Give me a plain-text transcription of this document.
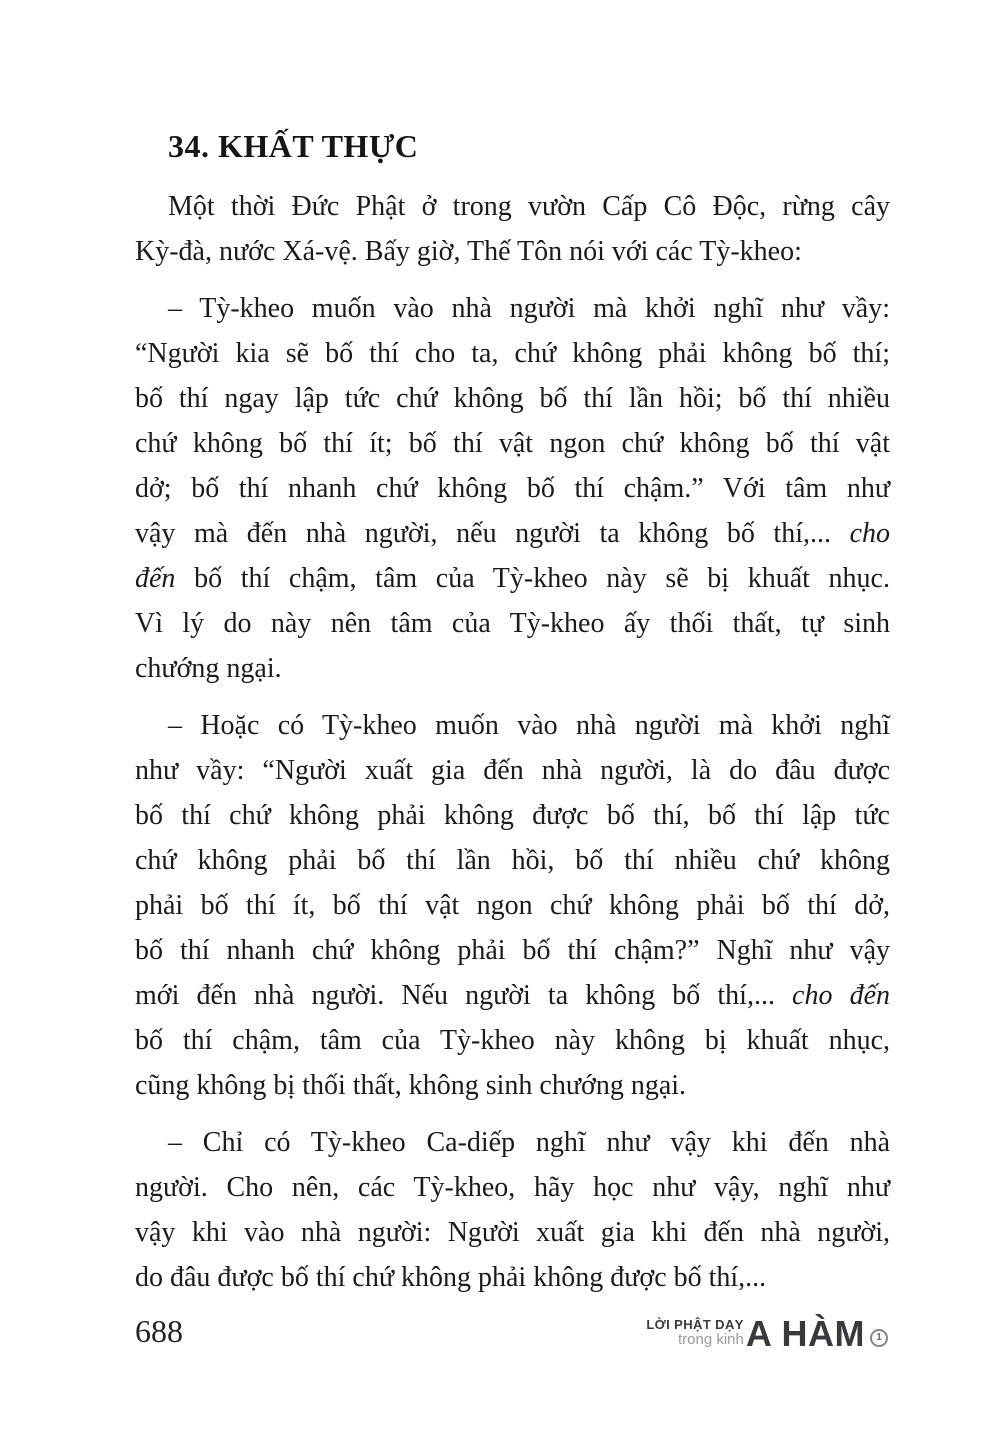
34. KHẤT THỰC

Một thời Đức Phật ở trong vườn Cấp Cô Độc, rừng cây
Kỳ-đà, nước Xá-vệ. Bấy giờ, Thế Tôn nói với các Tỳ-kheo:

– Tỳ-kheo muốn vào nhà người mà khởi nghĩ như vầy:
“Người kia sẽ bố thí cho ta, chứ không phải không bố thí;
bố thí ngay lập tức chứ không bố thí lần hồi; bố thí nhiều
chứ không bố thí ít; bố thí vật ngon chứ không bố thí vật
dở; bố thí nhanh chứ không bố thí chậm.” Với tâm như
vậy mà đến nhà người, nếu người ta không bố thí,... cho
đến bố thí chậm, tâm của Tỳ-kheo này sẽ bị khuất nhục.
Vì lý do này nên tâm của Tỳ-kheo ấy thối thất, tự sinh
chướng ngại.

– Hoặc có Tỳ-kheo muốn vào nhà người mà khởi nghĩ
như vầy: “Người xuất gia đến nhà người, là do đâu được
bố thí chứ không phải không được bố thí, bố thí lập tức
chứ không phải bố thí lần hồi, bố thí nhiều chứ không
phải bố thí ít, bố thí vật ngon chứ không phải bố thí dở,
bố thí nhanh chứ không phải bố thí chậm?” Nghĩ như vậy
mới đến nhà người. Nếu người ta không bố thí,... cho đến
bố thí chậm, tâm của Tỳ-kheo này không bị khuất nhục,
cũng không bị thối thất, không sinh chướng ngại.

– Chỉ có Tỳ-kheo Ca-diếp nghĩ như vậy khi đến nhà
người. Cho nên, các Tỳ-kheo, hãy học như vậy, nghĩ như
vậy khi vào nhà người: Người xuất gia khi đến nhà người,
do đâu được bố thí chứ không phải không được bố thí,...

688	LỜI PHẬT DẠY
trong kinh A HÀM	1
